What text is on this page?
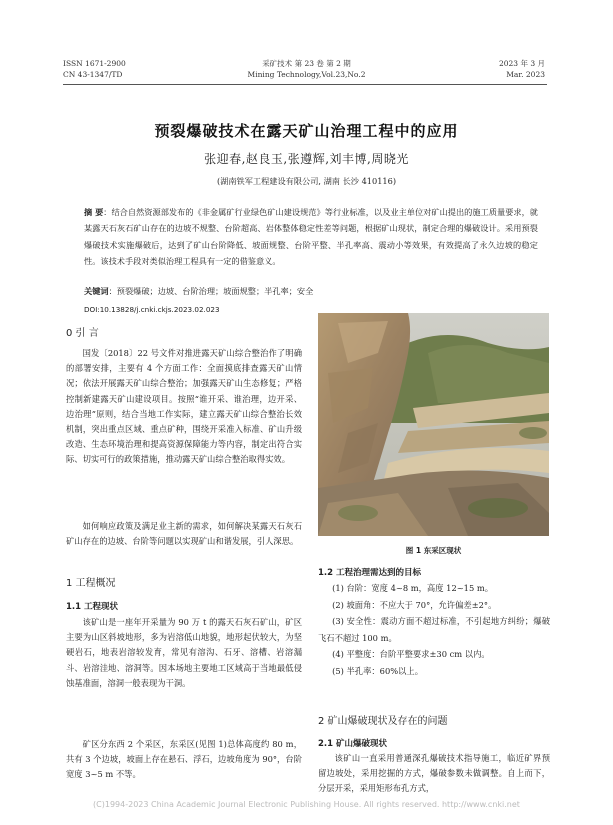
ISSN 1671-2900
CN 43-1347/TD
采矿技术 第 23 卷 第 2 期
Mining Technology,Vol.23,No.2
2023 年 3 月
Mar. 2023
预裂爆破技术在露天矿山治理工程中的应用
张迎春,赵良玉,张遵辉,刘丰博,周晓光
(湖南铁军工程建设有限公司, 湖南 长沙 410116)
摘 要：结合自然资源部发布的《非金属矿行业绿色矿山建设规范》等行业标准，以及业主单位对矿山提出的施工质量要求，就某露天石灰石矿山存在的边坡不规整、台阶超高、岩体整体稳定性差等问题，根据矿山现状，制定合理的爆破设计。采用预裂爆破技术实施爆破后，达到了矿山台阶降低、坡面规整、台阶平整、半孔率高、震动小等效果，有效提高了永久边坡的稳定性。该技术手段对类似治理工程具有一定的借鉴意义。
关键词：预裂爆破；边坡、台阶治理；坡面规整；半孔率；安全
DOI:10.13828/j.cnki.ckjs.2023.02.023
0 引 言
国发〔2018〕22 号文件对推进露天矿山综合整治作了明确的部署安排，主要有 4 个方面工作：全面摸底排查露天矿山情况；依法开展露天矿山综合整治；加强露天矿山生态修复；严格控制新建露天矿山建设项目。按照“谁开采、谁治理，边开采、边治理”原则，结合当地工作实际，建立露天矿山综合整治长效机制，突出重点区域、重点矿种，围绕开采准入标准、矿山升级改造、生态环境治理和提高资源保障能力等内容，制定出符合实际、切实可行的政策措施，推动露天矿山综合整治取得实效。
如何响应政策及满足业主新的需求，如何解决某露天石灰石矿山存在的边坡、台阶等问题以实现矿山和谐发展，引人深思。
1 工程概况
1.1 工程现状
该矿山是一座年开采量为 90 万 t 的露天石灰石矿山，矿区主要为山区斜坡地形，多为岩溶低山地貌，地形起伏较大，为坚硬岩石，地表岩溶较发育，常见有溶沟、石牙、溶槽、岩溶漏斗、岩溶洼地、溶洞等。因本场地主要地工区域高于当地最低侵蚀基准面，溶洞一般表现为干洞。
矿区分东西 2 个采区，东采区(见图 1)总体高度约 80 m，共有 3 个边坡，坡面上存在悬石、浮石，边坡角度为 90°，台阶宽度 3~5 m 不等。
图 1 东采区现状
1.2 工程治理需达到的目标
(1) 台阶：宽度 4~8 m，高度 12~15 m。
(2) 坡面角：不应大于 70°，允许偏差±2°。
(3) 安全性：震动方面不超过标准，不引起地方纠纷；爆破飞石不超过 100 m。
(4) 平整度：台阶平整要求±30 cm 以内。
(5) 半孔率：60%以上。
2 矿山爆破现状及存在的问题
2.1 矿山爆破现状
该矿山一直采用普通深孔爆破技术指导施工，临近矿界预留边坡处，采用挖掘的方式，爆破参数未做调整。自上而下，分层开采，采用矩形布孔方式，
(C)1994-2023 China Academic Journal Electronic Publishing House. All rights reserved. http://www.cnki.net
